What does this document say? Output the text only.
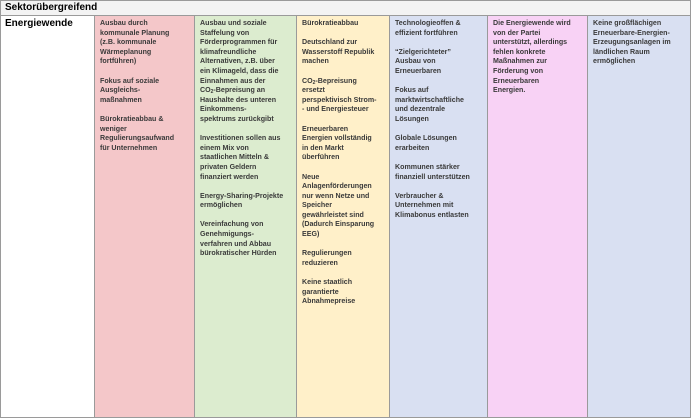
Sektorübergreifend
Energiewende	Ausbau durch
kommunale Planung
(z.B. kommunale
Wärmeplanung
fortführen)
Fokus auf soziale
Ausgleichs-
maßnahmen
Bürokratieabbau &
weniger
Regulierungsaufwand
für Unternehmen
Ausbau und soziale
Staffelung von
Förderprogrammen für
klimafreundliche
Alternativen, z.B. über
ein Klimageld, dass die
Einnahmen aus der
$CO_2$-Bepreisung an
Haushalte des unteren
Einkommens-
spektrums zurückgibt
Investitionen sollen aus
einem Mix von
staatlichen Mitteln &
privaten Geldern
finanziert werden
Energy-Sharing-Projekte
ermöglichen
Vereinfachung von
Genehmigungs-
verfahren und Abbau
bürokratischer Hürden
Bürokratieabbau
Deutschland zur
Wasserstoff Republik
machen
$CO_2$-Bepreisung
ersetzt
perspektivisch Strom-
- und Energiesteuer
Erneuerbaren
Energien vollständig
in den Markt
überführen
Neue
Anlagenförderungen
nur wenn Netze und
Speicher
gewährleistet sind
(Dadurch Einsparung
EEG)
Regulierungen
reduzieren
Keine staatlich
garantierte
Abnahmepreise
Technologieoffen &
effizient fortführen
“Zielgerichteter”
Ausbau von
Erneuerbaren
Fokus auf
marktwirtschaftliche
und dezentrale
Lösungen
Globale Lösungen
erarbeiten
Kommunen stärker
finanziell unterstützen
Verbraucher &
Unternehmen mit
Klimabonus entlasten
Die Energiewende wird
von der Partei
unterstützt, allerdings
fehlen konkrete
Maßnahmen zur
Förderung von
Erneuerbaren
Energien.
Keine großflächigen
Erneuerbare-Energien-
Erzeugungsanlagen im
ländlichen Raum
ermöglichen
